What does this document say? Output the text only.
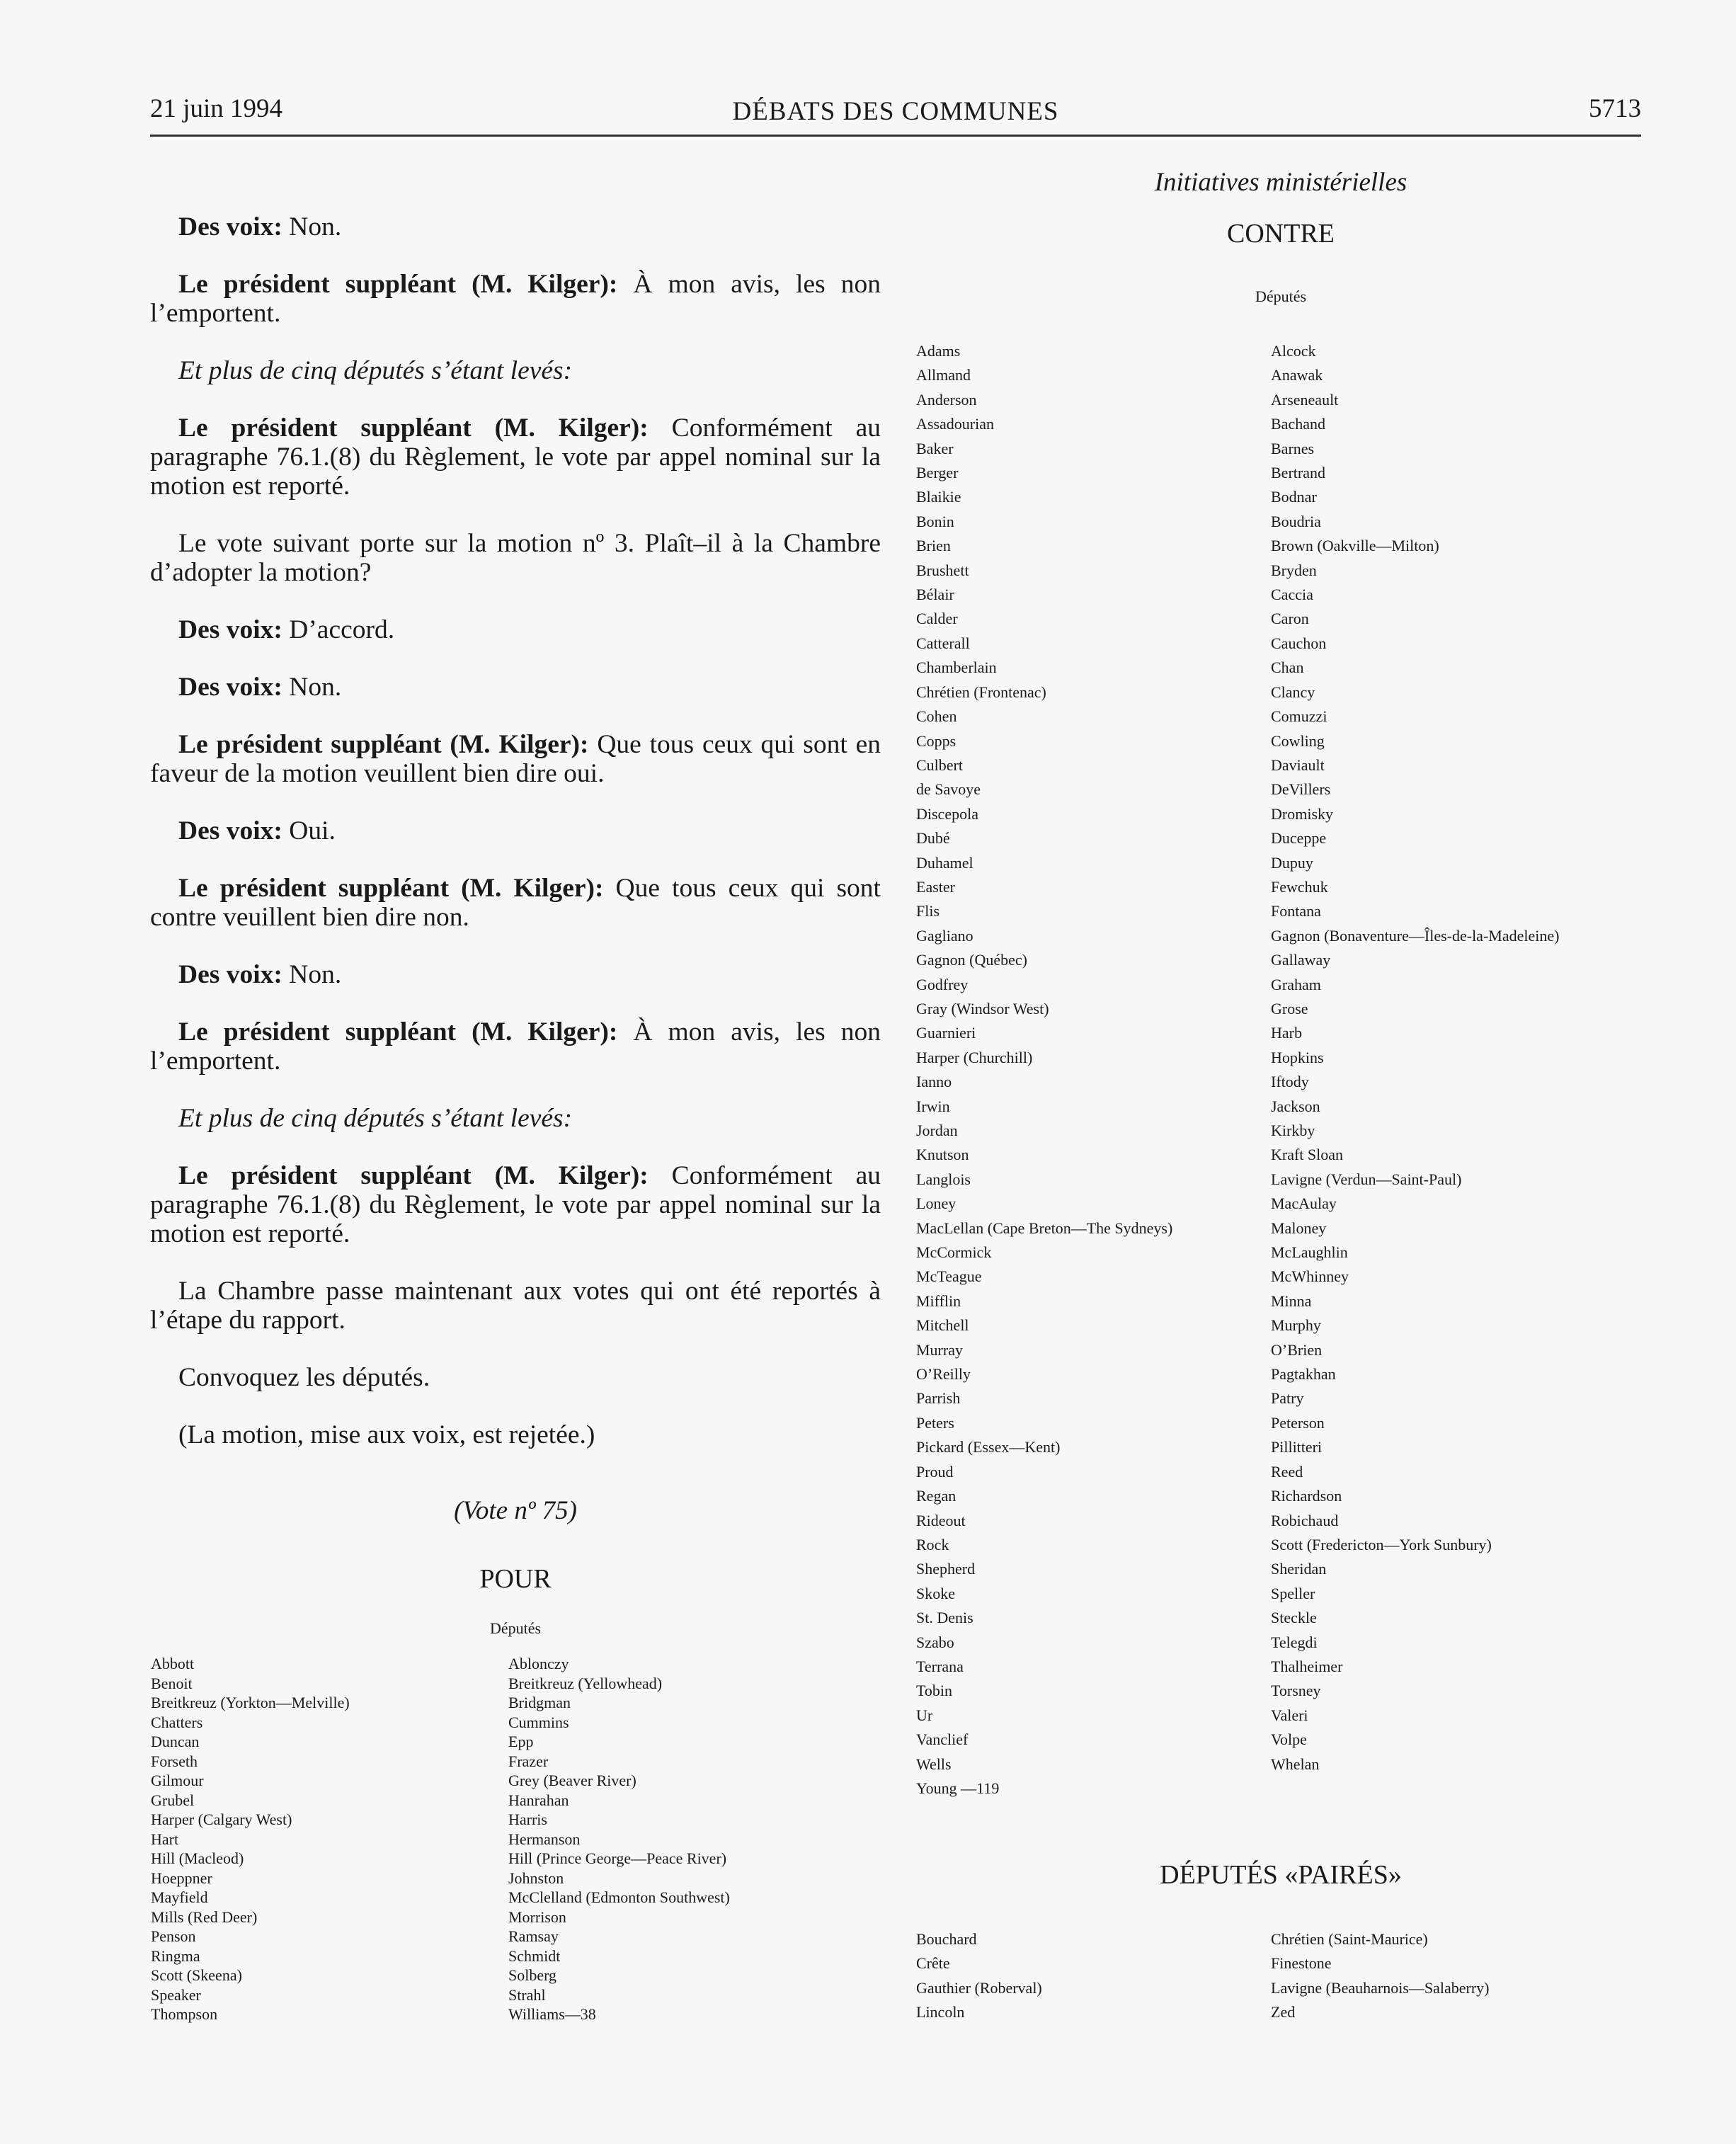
21 juin 1994	DÉBATS DES COMMUNES	5713
Initiatives ministérielles

Des voix: Non.

Le président suppléant (M. Kilger): À mon avis, les non l’emportent.

Et plus de cinq députés s’étant levés:

Le président suppléant (M. Kilger): Conformément au paragraphe 76.1.(8) du Règlement, le vote par appel nominal sur la motion est reporté.

Le vote suivant porte sur la motion nº 3. Plaît–il à la Chambre d’adopter la motion?

Des voix: D’accord.

Des voix: Non.

Le président suppléant (M. Kilger): Que tous ceux qui sont en faveur de la motion veuillent bien dire oui.

Des voix: Oui.

Le président suppléant (M. Kilger): Que tous ceux qui sont contre veuillent bien dire non.

Des voix: Non.

Le président suppléant (M. Kilger): À mon avis, les non l’emportent.

Et plus de cinq députés s’étant levés:

Le président suppléant (M. Kilger): Conformément au paragraphe 76.1.(8) du Règlement, le vote par appel nominal sur la motion est reporté.

La Chambre passe maintenant aux votes qui ont été reportés à l’étape du rapport.

Convoquez les députés.

(La motion, mise aux voix, est rejetée.)

(Vote nº 75)
POUR
Députés
Abbott
Benoit
Breitkreuz (Yorkton—Melville)
Chatters
Duncan
Forseth
Gilmour
Grubel
Harper (Calgary West)
Hart
Hill (Macleod)
Hoeppner
Mayfield
Mills (Red Deer)
Penson
Ringma
Scott (Skeena)
Speaker
Thompson
Ablonczy
Breitkreuz (Yellowhead)
Bridgman
Cummins
Epp
Frazer
Grey (Beaver River)
Hanrahan
Harris
Hermanson
Hill (Prince George—Peace River)
Johnston
McClelland (Edmonton Southwest)
Morrison
Ramsay
Schmidt
Solberg
Strahl
Williams—38
CONTRE
Députés
Adams
Allmand
Anderson
Assadourian
Baker
Berger
Blaikie
Bonin
Brien
Brushett
Bélair
Calder
Catterall
Chamberlain
Chrétien (Frontenac)
Cohen
Copps
Culbert
de Savoye
Discepola
Dubé
Duhamel
Easter
Flis
Gagliano
Gagnon (Québec)
Godfrey
Gray (Windsor West)
Guarnieri
Harper (Churchill)
Ianno
Irwin
Jordan
Knutson
Langlois
Loney
MacLellan (Cape Breton—The Sydneys)
McCormick
McTeague
Mifflin
Mitchell
Murray
O’Reilly
Parrish
Peters
Pickard (Essex—Kent)
Proud
Regan
Rideout
Rock
Shepherd
Skoke
St. Denis
Szabo
Terrana
Tobin
Ur
Vanclief
Wells
Young —119
Alcock
Anawak
Arseneault
Bachand
Barnes
Bertrand
Bodnar
Boudria
Brown (Oakville—Milton)
Bryden
Caccia
Caron
Cauchon
Chan
Clancy
Comuzzi
Cowling
Daviault
DeVillers
Dromisky
Duceppe
Dupuy
Fewchuk
Fontana
Gagnon (Bonaventure—Îles-de-la-Madeleine)
Gallaway
Graham
Grose
Harb
Hopkins
Iftody
Jackson
Kirkby
Kraft Sloan
Lavigne (Verdun—Saint-Paul)
MacAulay
Maloney
McLaughlin
McWhinney
Minna
Murphy
O’Brien
Pagtakhan
Patry
Peterson
Pillitteri
Reed
Richardson
Robichaud
Scott (Fredericton—York Sunbury)
Sheridan
Speller
Steckle
Telegdi
Thalheimer
Torsney
Valeri
Volpe
Whelan
DÉPUTÉS «PAIRÉS»
Bouchard
Crête
Gauthier (Roberval)
Lincoln
Chrétien (Saint-Maurice)
Finestone
Lavigne (Beauharnois—Salaberry)
Zed
